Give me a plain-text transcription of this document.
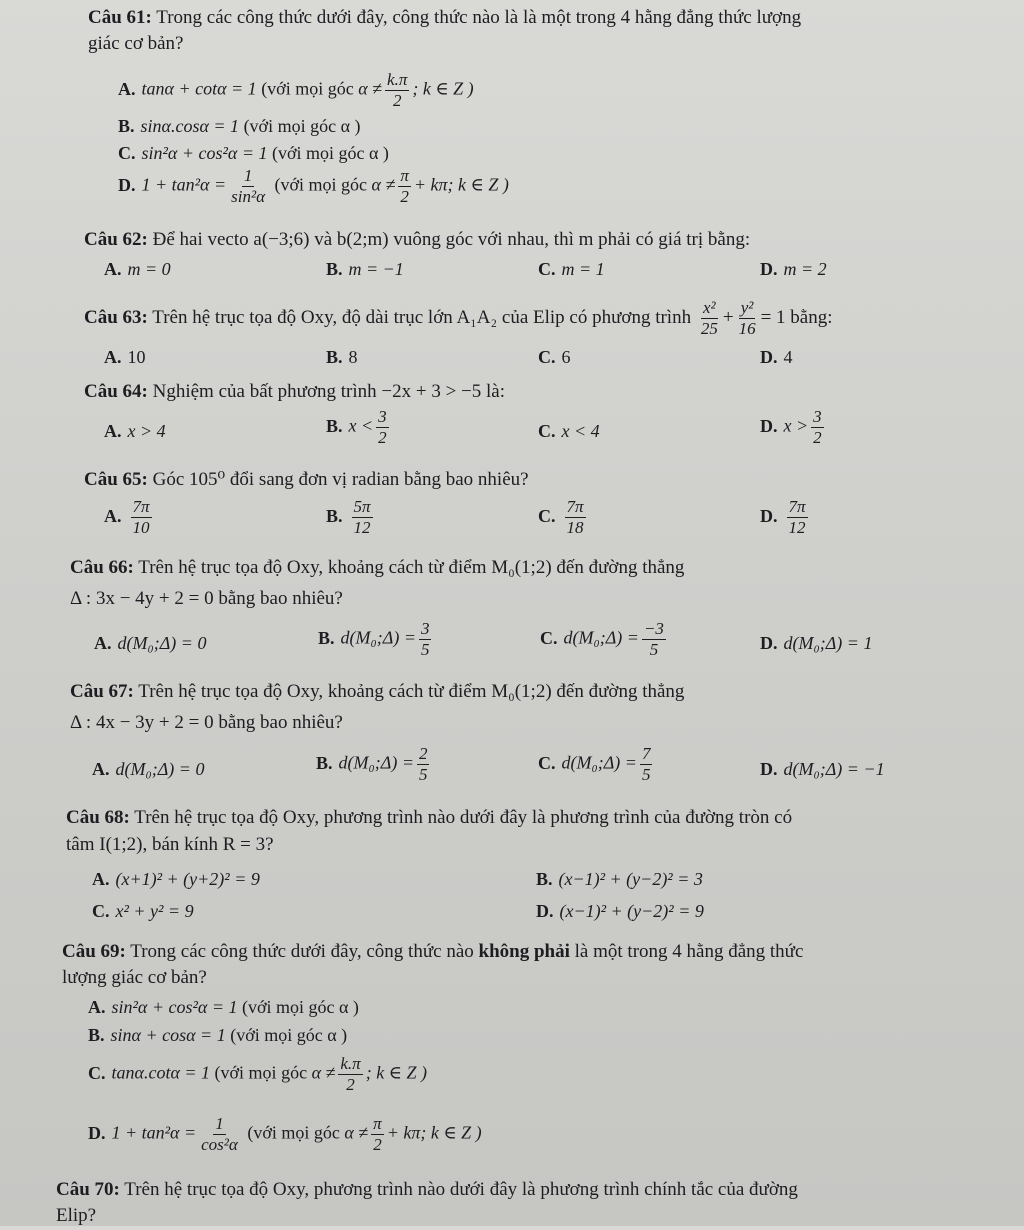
Câu 61: Trong các công thức dưới đây, công thức nào là là một trong 4 hằng đẳng thức lượng
giác cơ bản?
A. tanα + cotα = 1 (với mọi góc $\alpha \ne \frac{k.\pi}{2}$ ; k ∈ Z )
B. sinα.cosα = 1 (với mọi góc α )
C. sin²α + cos²α = 1 (với mọi góc α )
D. $1 + \tan^2\alpha = \frac{1}{\text{sin²α}}$ (với mọi góc $\alpha \ne \frac{\pi}{2} + k\pi$; k ∈ Z )
Câu 62: Để hai vecto a(−3;6) và b(2;m) vuông góc với nhau, thì m phải có giá trị bằng:
A. m = 0	B. m = −1	C. m = 1	D. m = 2
Câu 63: Trên hệ trục tọa độ Oxy, độ dài trục lớn A₁A₂ của Elip có phương trình $\frac{\text{x²}}{25} + \frac{\text{y²}}{16} = 1$ bằng:
A. 10	B. 8	C. 6	D. 4
Câu 64: Nghiệm của bất phương trình −2x + 3 > −5 là:
A. x > 4	B. $x < \frac{3}{2}$	C. x < 4	D. $x > \frac{3}{2}$
Câu 65: Góc 105⁰ đổi sang đơn vị radian bằng bao nhiêu?
A. $\frac{7\pi}{10}$	B. $\frac{5\pi}{12}$	C. $\frac{7\pi}{18}$	D. $\frac{7\pi}{12}$
Câu 66: Trên hệ trục tọa độ Oxy, khoảng cách từ điểm M₀(1;2) đến đường thẳng
Δ : 3x − 4y + 2 = 0 bằng bao nhiêu?
A. d(M₀;Δ) = 0	B. d(M₀;Δ) = $\frac{3}{5}$	C. d(M₀;Δ) = $\frac{-3}{5}$	D. d(M₀;Δ) = 1
Câu 67: Trên hệ trục tọa độ Oxy, khoảng cách từ điểm M₀(1;2) đến đường thẳng
Δ : 4x − 3y + 2 = 0 bằng bao nhiêu?
A. d(M₀;Δ) = 0	B. d(M₀;Δ) = $\frac{2}{5}$	C. d(M₀;Δ) = $\frac{7}{5}$	D. d(M₀;Δ) = −1
Câu 68: Trên hệ trục tọa độ Oxy, phương trình nào dưới đây là phương trình của đường tròn có
tâm I(1;2), bán kính R = 3?
A. (x+1)² + (y+2)² = 9	B. (x−1)² + (y−2)² = 3
C. x² + y² = 9	D. (x−1)² + (y−2)² = 9
Câu 69: Trong các công thức dưới đây, công thức nào không phải là một trong 4 hằng đẳng thức
lượng giác cơ bản?
A. sin²α + cos²α = 1 (với mọi góc α )
B. sinα + cosα = 1 (với mọi góc α )
C. tanα.cotα = 1 (với mọi góc $\alpha \ne \frac{k.\pi}{2}$ ; k ∈ Z )
D. $1 + \tan^2\alpha = \frac{1}{\text{cos²α}}$ (với mọi góc $\alpha \ne \frac{\pi}{2} + k\pi$; k ∈ Z )
Câu 70: Trên hệ trục tọa độ Oxy, phương trình nào dưới đây là phương trình chính tắc của đường
Elip?
